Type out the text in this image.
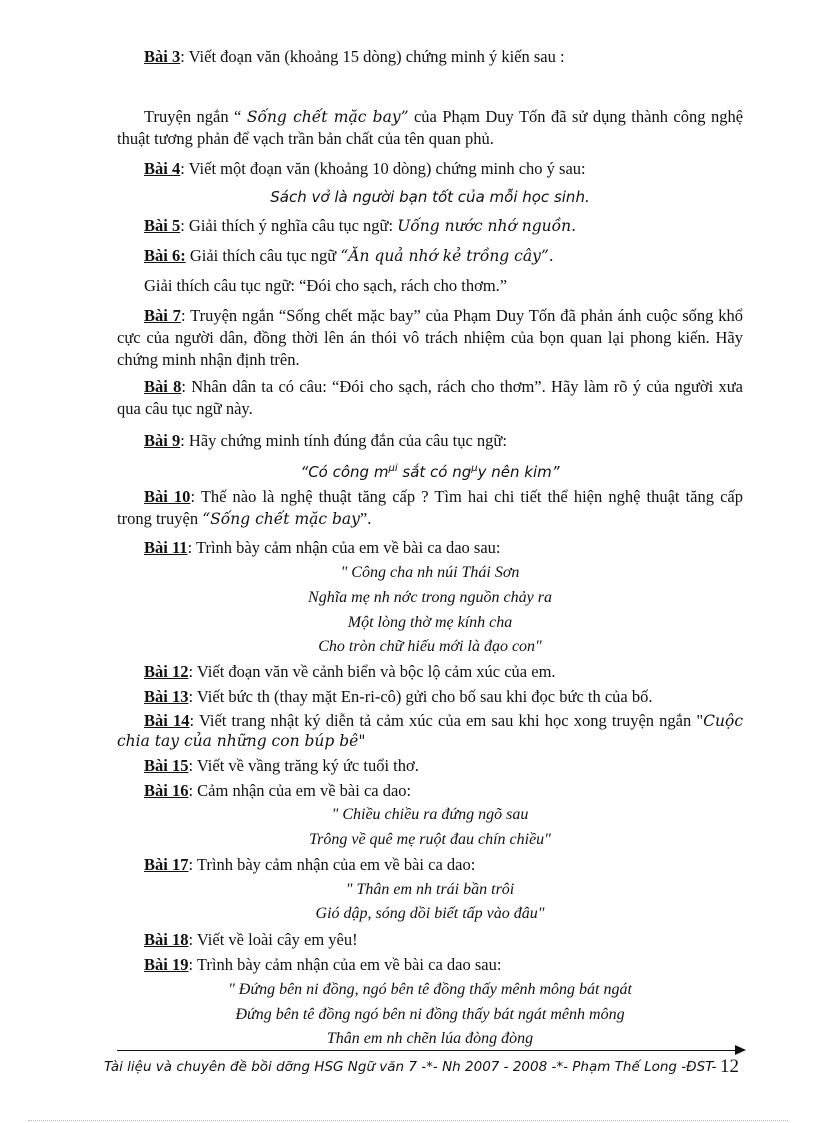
Bài 3: Viết đoạn văn (khoảng 15 dòng) chứng minh ý kiến sau :
Truyện ngắn “ Sống chết mặc bay” của Phạm Duy Tốn đã sử dụng thành công nghệ thuật tương phản để vạch trần bản chất của tên quan phủ.
Bài 4: Viết một đoạn văn (khoảng 10 dòng) chứng minh cho ý sau:
Sách vở là người bạn tốt của mỗi học sinh.
Bài 5: Giải thích ý nghĩa câu tục ngữ: Uống nước nhớ nguồn.
Bài 6: Giải thích câu tục ngữ “Ăn quả nhớ kẻ trồng cây”.
Giải thích câu tục ngữ: “Đói cho sạch, rách cho thơm.”
Bài 7: Truyện ngắn “Sống chết mặc bay” của Phạm Duy Tốn đã phản ánh cuộc sống khổ cực của người dân, đồng thời lên án thói vô trách nhiệm của bọn quan lại phong kiến. Hãy chứng minh nhận định trên.
Bài 8: Nhân dân ta có câu: “Đói cho sạch, rách cho thơm”. Hãy làm rõ ý của người xưa qua câu tục ngữ này.
Bài 9: Hãy chứng minh tính đúng đắn của câu tục ngữ:
“Có công $m^{\mu i}$ sắt có $ng^\mu y$ nên kim”
Bài 10: Thế nào là nghệ thuật tăng cấp ? Tìm hai chi tiết thể hiện nghệ thuật tăng cấp trong truyện “Sống chết mặc bay”.
Bài 11: Trình bày cảm nhận của em về bài ca dao sau:
" Công cha nh núi Thái Sơn
Nghĩa mẹ nh nớc trong nguồn chảy ra
Một lòng thờ mẹ kính cha
Cho tròn chữ hiếu mới là đạo con"
Bài 12: Viết đoạn văn về cảnh biển và bộc lộ cảm xúc của em.
Bài 13: Viết bức th (thay mặt En-ri-cô) gửi cho bố sau khi đọc bức th của bố.
Bài 14: Viết trang nhật ký diễn tả cảm xúc của em sau khi học xong truyện ngắn "Cuộc chia tay của những con búp bê"
Bài 15: Viết về vầng trăng ký ức tuổi thơ.
Bài 16: Cảm nhận của em về bài ca dao:
" Chiều chiều ra đứng ngõ sau
Trông về quê mẹ ruột đau chín chiều"
Bài 17: Trình bày cảm nhận của em về bài ca dao:
" Thân em nh trái bần trôi
Gió dập, sóng dồi biết tấp vào đâu"
Bài 18: Viết về loài cây em yêu!
Bài 19: Trình bày cảm nhận của em về bài ca dao sau:
" Đứng bên ni đồng, ngó bên tê đồng thấy mênh mông bát ngát
Đứng bên tê đồng ngó bên ni đồng thấy bát ngát mênh mông
Thân em nh chẽn lúa đòng đòng
Tài liệu và chuyên đề bồi dỡng HSG Ngữ văn 7 -*- Nh 2007 - 2008 -*- Phạm Thế Long -ĐST- 12
